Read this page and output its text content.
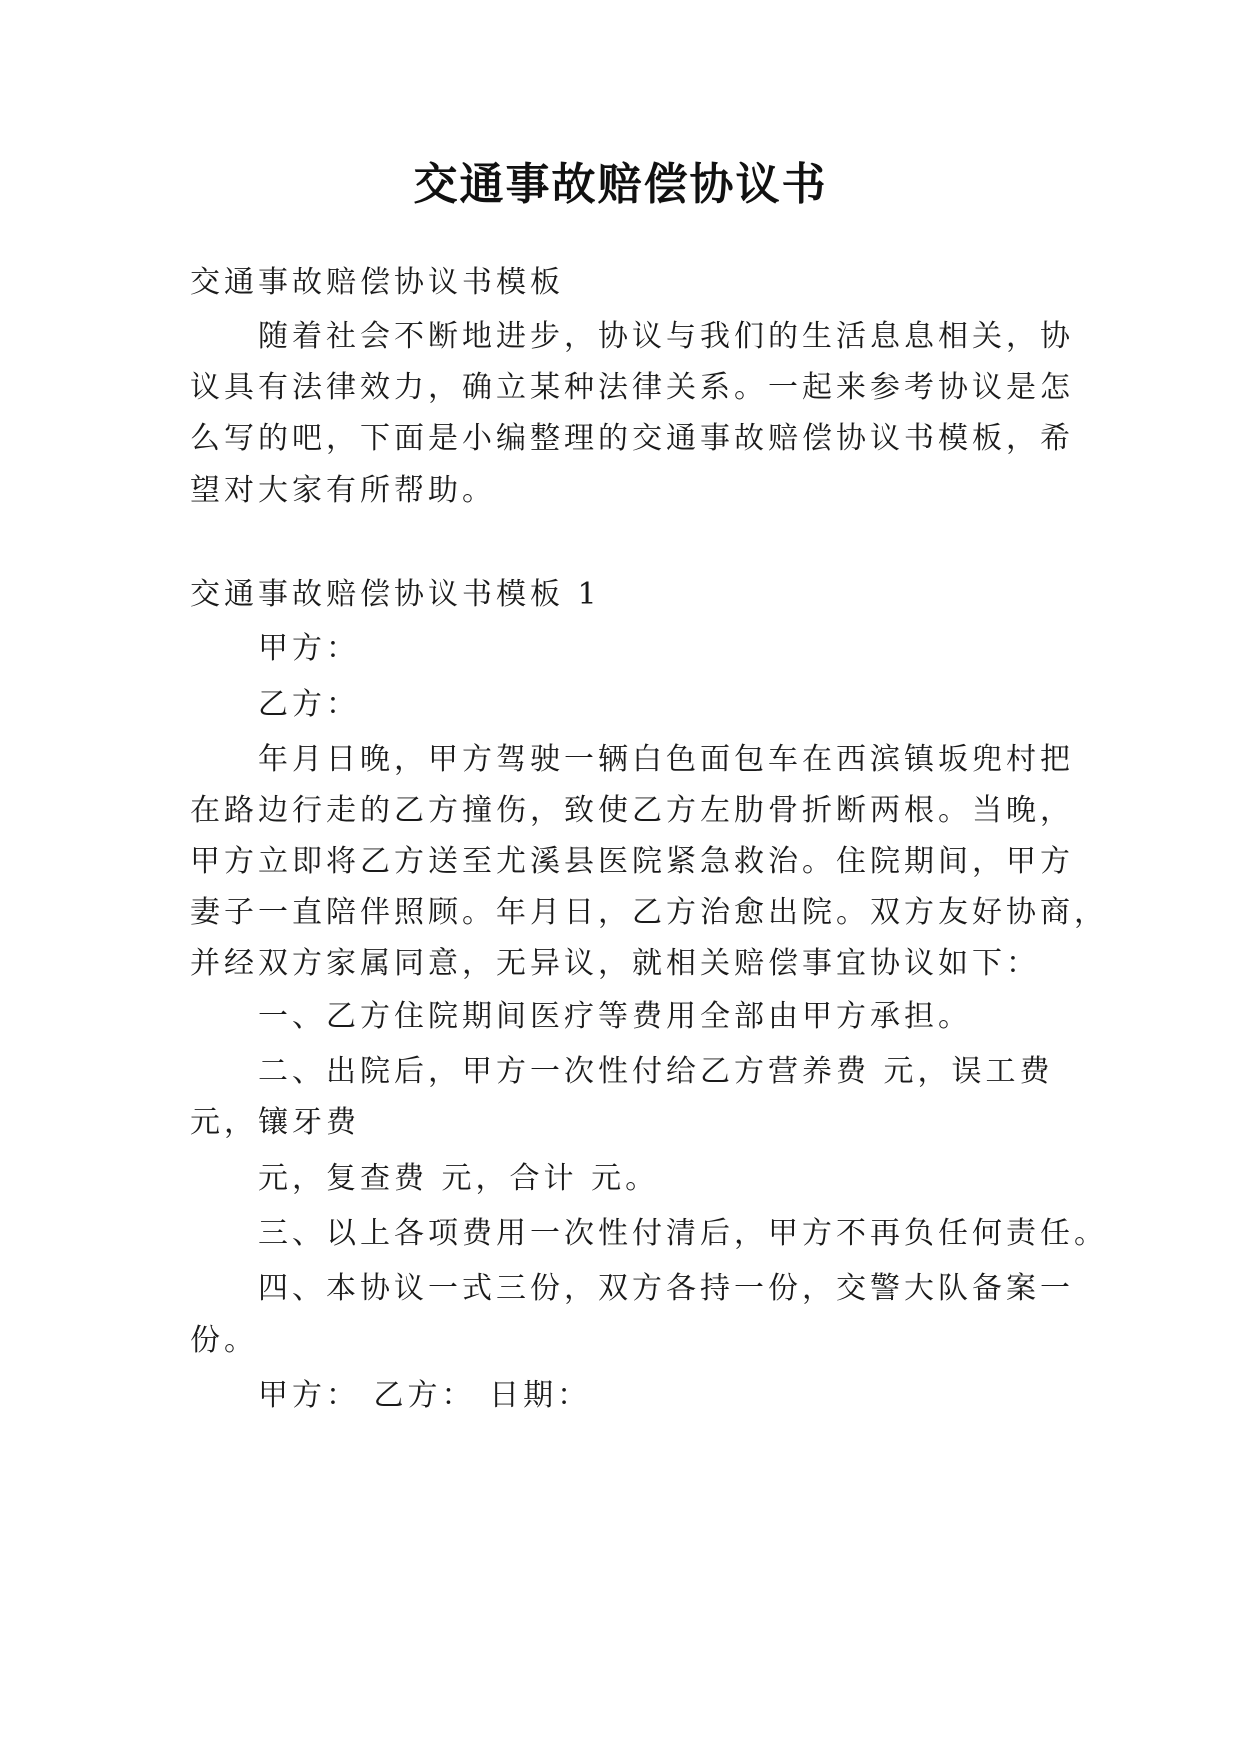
交通事故赔偿协议书
交通事故赔偿协议书模板
随着社会不断地进步，协议与我们的生活息息相关，协
议具有法律效力，确立某种法律关系。一起来参考协议是怎
么写的吧，下面是小编整理的交通事故赔偿协议书模板，希
望对大家有所帮助。
交通事故赔偿协议书模板 1
甲方：
乙方：
年月日晚，甲方驾驶一辆白色面包车在西滨镇坂兜村把
在路边行走的乙方撞伤，致使乙方左肋骨折断两根。当晚，
甲方立即将乙方送至尤溪县医院紧急救治。住院期间，甲方
妻子一直陪伴照顾。年月日，乙方治愈出院。双方友好协商，
并经双方家属同意，无异议，就相关赔偿事宜协议如下：
一、乙方住院期间医疗等费用全部由甲方承担。
二、出院后，甲方一次性付给乙方营养费 元，误工费
元，镶牙费
元，复查费 元，合计 元。
三、以上各项费用一次性付清后，甲方不再负任何责任。
四、本协议一式三份，双方各持一份，交警大队备案一
份。
甲方： 乙方： 日期：
